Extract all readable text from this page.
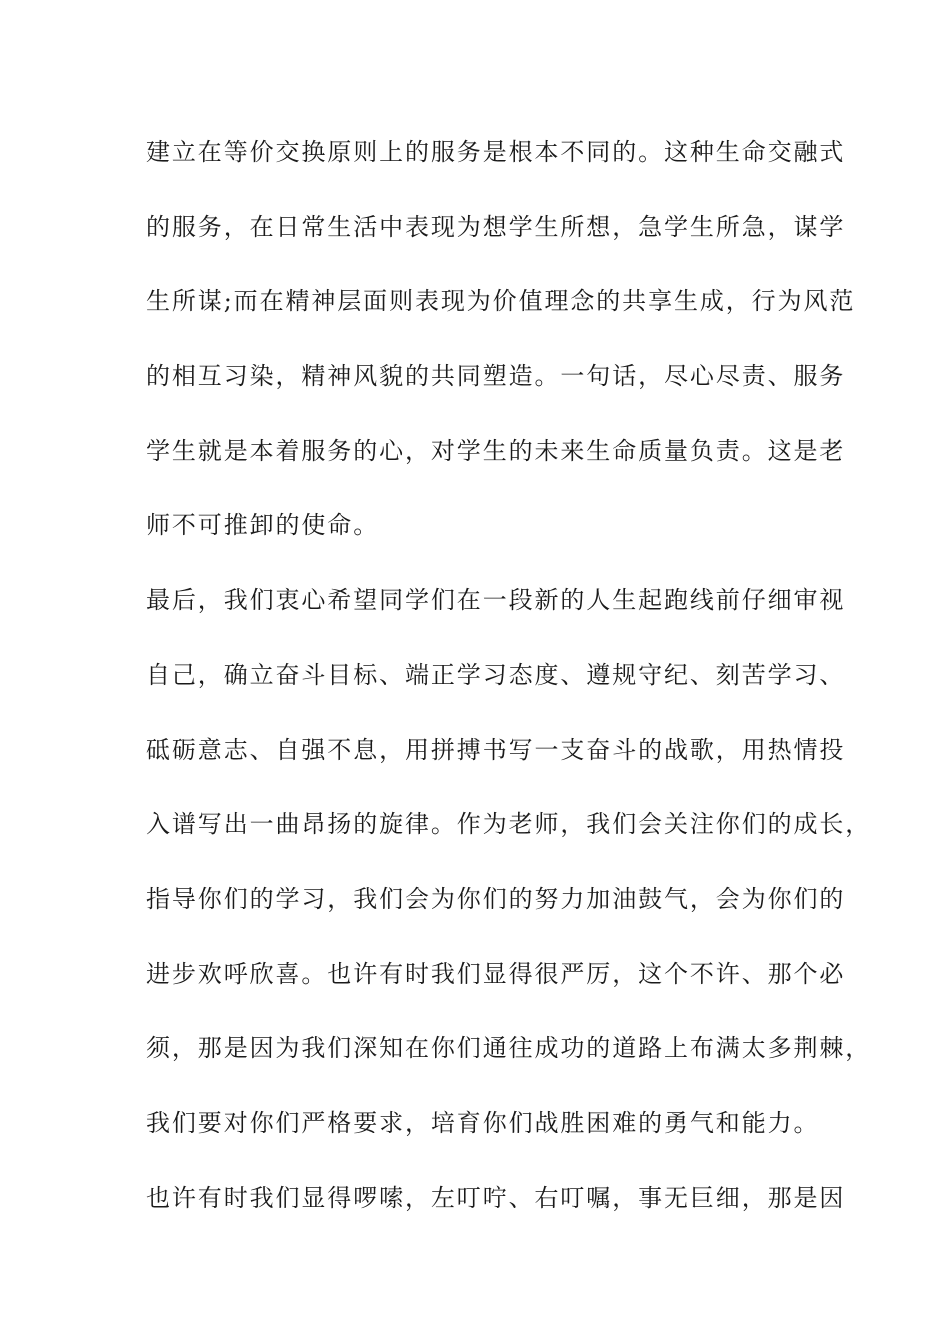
建立在等价交换原则上的服务是根本不同的。这种生命交融式
的服务，在日常生活中表现为想学生所想，急学生所急，谋学
生所谋;而在精神层面则表现为价值理念的共享生成，行为风范
的相互习染，精神风貌的共同塑造。一句话，尽心尽责、服务
学生就是本着服务的心，对学生的未来生命质量负责。这是老
师不可推卸的使命。
最后，我们衷心希望同学们在一段新的人生起跑线前仔细审视
自己，确立奋斗目标、端正学习态度、遵规守纪、刻苦学习、
砥砺意志、自强不息，用拼搏书写一支奋斗的战歌，用热情投
入谱写出一曲昂扬的旋律。作为老师，我们会关注你们的成长，
指导你们的学习，我们会为你们的努力加油鼓气，会为你们的
进步欢呼欣喜。也许有时我们显得很严厉，这个不许、那个必
须，那是因为我们深知在你们通往成功的道路上布满太多荆棘，
我们要对你们严格要求，培育你们战胜困难的勇气和能力。
也许有时我们显得啰嗦，左叮咛、右叮嘱，事无巨细，那是因
